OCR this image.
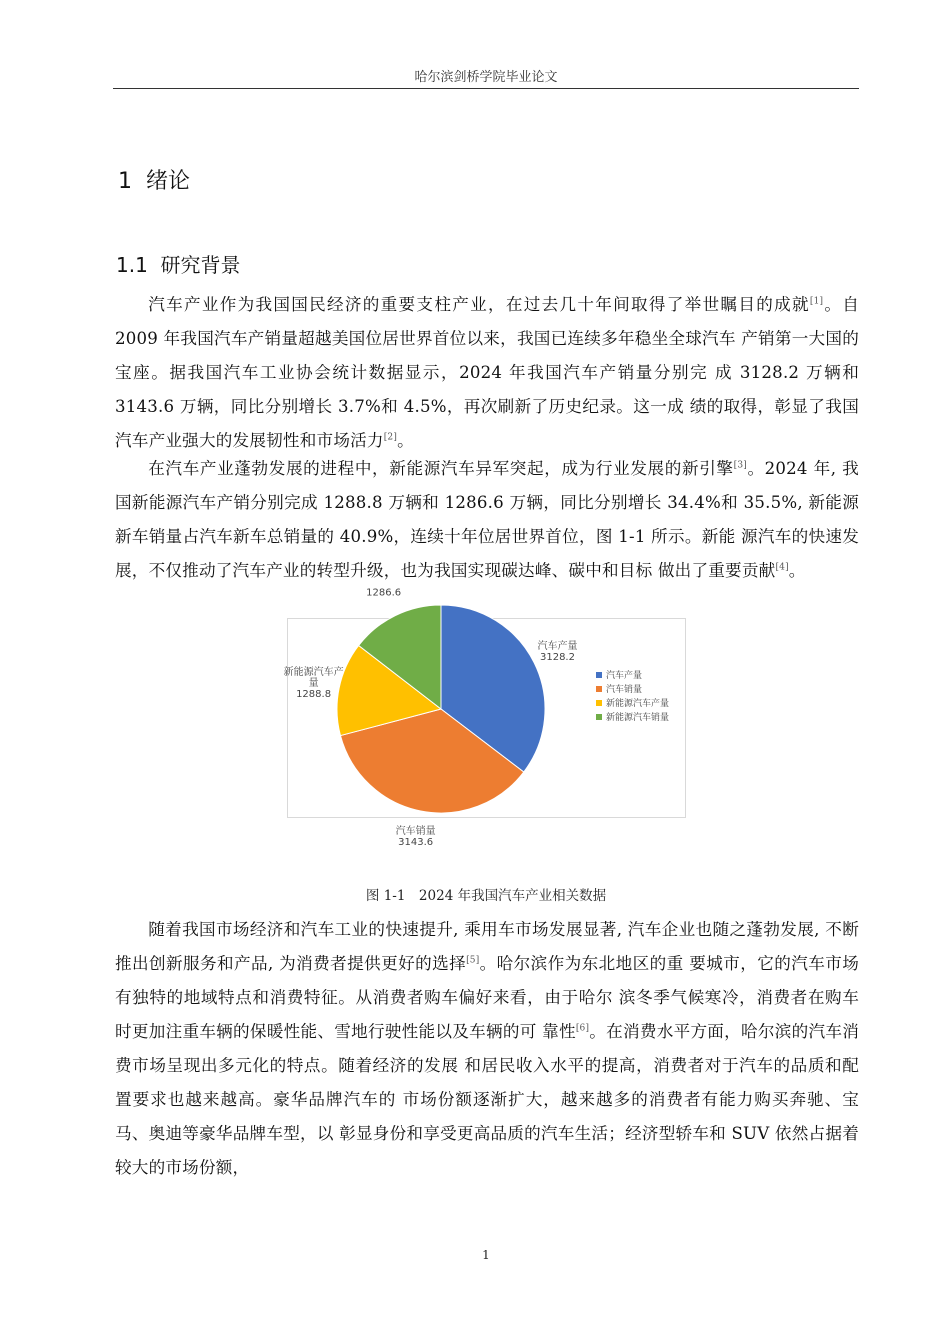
哈尔滨剑桥学院毕业论文
1 绪论
1.1 研究背景

汽车产业作为我国国民经济的重要支柱产业，在过去几十年间取得了举世瞩目的成就[1]。自 2009 年我国汽车产销量超越美国位居世界首位以来，我国已连续多年稳坐全球汽车 产销第一大国的宝座。据我国汽车工业协会统计数据显示，2024 年我国汽车产销量分别完 成 3128.2 万辆和 3143.6 万辆，同比分别增长 3.7%和 4.5%，再次刷新了历史纪录。这一成 绩的取得，彰显了我国汽车产业强大的发展韧性和市场活力[2]。

在汽车产业蓬勃发展的进程中，新能源汽车异军突起，成为行业发展的新引擎[3]。2024 年, 我国新能源汽车产销分别完成 1288.8 万辆和 1286.6 万辆，同比分别增长 34.4%和 35.5%, 新能源新车销量占汽车新车总销量的 40.9%，连续十年位居世界首位，图 1-1 所示。新能 源汽车的快速发展，不仅推动了汽车产业的转型升级，也为我国实现碳达峰、碳中和目标 做出了重要贡献[4]。

汽车产量 3128.2
汽车销量 3143.6
新能源汽车产量 1288.8
1286.6
汽车产量
汽车销量
新能源汽车产量
新能源汽车销量
图 1-1　2024 年我国汽车产业相关数据

随着我国市场经济和汽车工业的快速提升, 乘用车市场发展显著, 汽车企业也随之蓬勃发展, 不断推出创新服务和产品, 为消费者提供更好的选择[5]。哈尔滨作为东北地区的重 要城市，它的汽车市场有独特的地域特点和消费特征。从消费者购车偏好来看，由于哈尔 滨冬季气候寒冷，消费者在购车时更加注重车辆的保暖性能、雪地行驶性能以及车辆的可 靠性[6]。在消费水平方面，哈尔滨的汽车消费市场呈现出多元化的特点。随着经济的发展 和居民收入水平的提高，消费者对于汽车的品质和配置要求也越来越高。豪华品牌汽车的 市场份额逐渐扩大，越来越多的消费者有能力购买奔驰、宝马、奥迪等豪华品牌车型，以 彰显身份和享受更高品质的汽车生活；经济型轿车和 SUV 依然占据着较大的市场份额，

1
